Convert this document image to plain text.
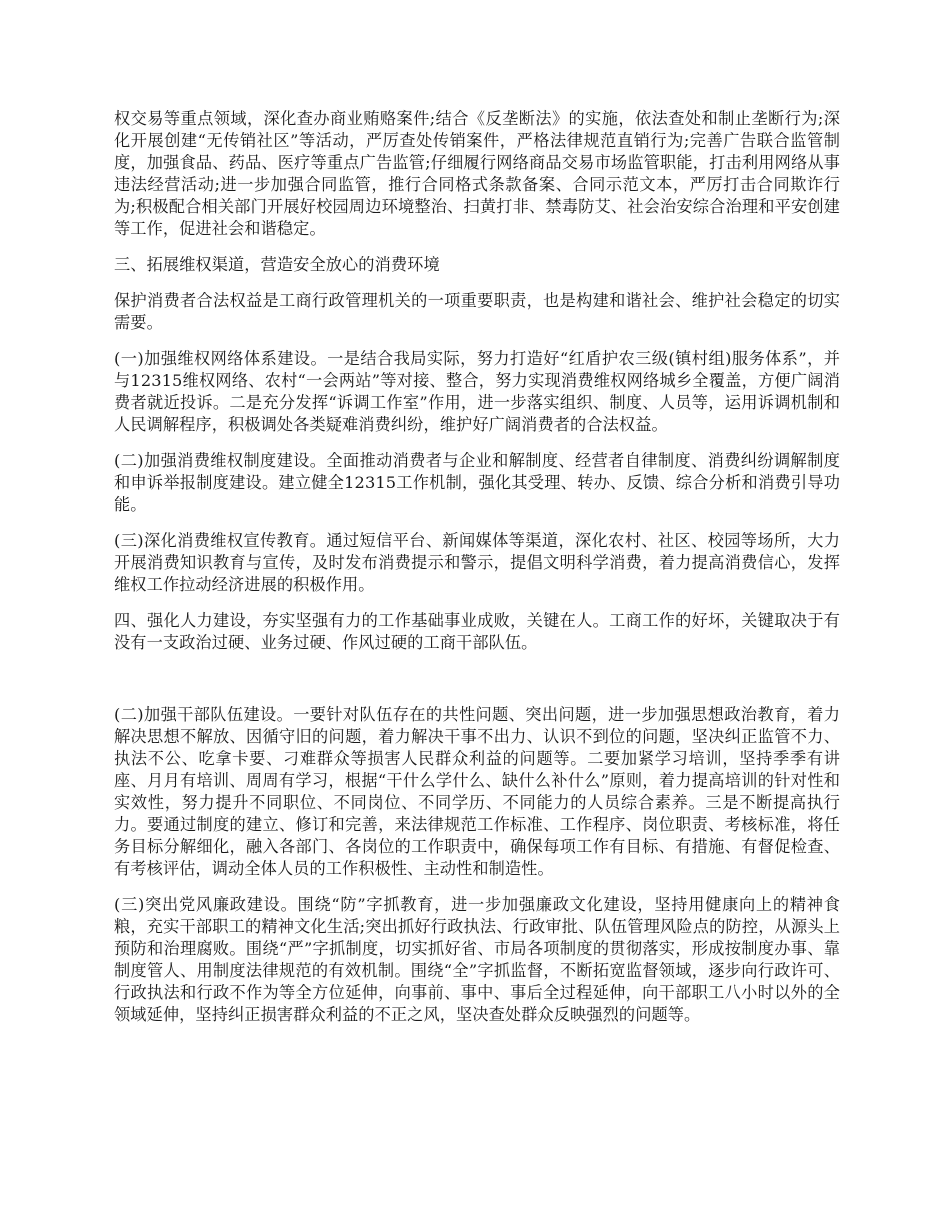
权交易等重点领域，深化查办商业贿赂案件;结合《反垄断法》的实施，依法查处和制止垄断行为;深化开展创建“无传销社区”等活动，严厉查处传销案件，严格法律规范直销行为;完善广告联合监管制度，加强食品、药品、医疗等重点广告监管;仔细履行网络商品交易市场监管职能，打击利用网络从事违法经营活动;进一步加强合同监管，推行合同格式条款备案、合同示范文本，严厉打击合同欺诈行为;积极配合相关部门开展好校园周边环境整治、扫黄打非、禁毒防艾、社会治安综合治理和平安创建等工作，促进社会和谐稳定。

三、拓展维权渠道，营造安全放心的消费环境

保护消费者合法权益是工商行政管理机关的一项重要职责，也是构建和谐社会、维护社会稳定的切实需要。

(一)加强维权网络体系建设。一是结合我局实际，努力打造好“红盾护农三级(镇村组)服务体系”，并与12315维权网络、农村“一会两站”等对接、整合，努力实现消费维权网络城乡全覆盖，方便广阔消费者就近投诉。二是充分发挥“诉调工作室”作用，进一步落实组织、制度、人员等，运用诉调机制和人民调解程序，积极调处各类疑难消费纠纷，维护好广阔消费者的合法权益。

(二)加强消费维权制度建设。全面推动消费者与企业和解制度、经营者自律制度、消费纠纷调解制度和申诉举报制度建设。建立健全12315工作机制，强化其受理、转办、反馈、综合分析和消费引导功能。

(三)深化消费维权宣传教育。通过短信平台、新闻媒体等渠道，深化农村、社区、校园等场所，大力开展消费知识教育与宣传，及时发布消费提示和警示，提倡文明科学消费，着力提高消费信心，发挥维权工作拉动经济进展的积极作用。

四、强化人力建设，夯实坚强有力的工作基础事业成败，关键在人。工商工作的好坏，关键取决于有没有一支政治过硬、业务过硬、作风过硬的工商干部队伍。

(二)加强干部队伍建设。一要针对队伍存在的共性问题、突出问题，进一步加强思想政治教育，着力解决思想不解放、因循守旧的问题，着力解决干事不出力、认识不到位的问题，坚决纠正监管不力、执法不公、吃拿卡要、刁难群众等损害人民群众利益的问题等。二要加紧学习培训，坚持季季有讲座、月月有培训、周周有学习，根据“干什么学什么、缺什么补什么”原则，着力提高培训的针对性和实效性，努力提升不同职位、不同岗位、不同学历、不同能力的人员综合素养。三是不断提高执行力。要通过制度的建立、修订和完善，来法律规范工作标准、工作程序、岗位职责、考核标准，将任务目标分解细化，融入各部门、各岗位的工作职责中，确保每项工作有目标、有措施、有督促检查、有考核评估，调动全体人员的工作积极性、主动性和制造性。

(三)突出党风廉政建设。围绕“防”字抓教育，进一步加强廉政文化建设，坚持用健康向上的精神食粮，充实干部职工的精神文化生活;突出抓好行政执法、行政审批、队伍管理风险点的防控，从源头上预防和治理腐败。围绕“严”字抓制度，切实抓好省、市局各项制度的贯彻落实，形成按制度办事、靠制度管人、用制度法律规范的有效机制。围绕“全”字抓监督，不断拓宽监督领域，逐步向行政许可、行政执法和行政不作为等全方位延伸，向事前、事中、事后全过程延伸，向干部职工八小时以外的全领域延伸，坚持纠正损害群众利益的不正之风，坚决查处群众反映强烈的问题等。
